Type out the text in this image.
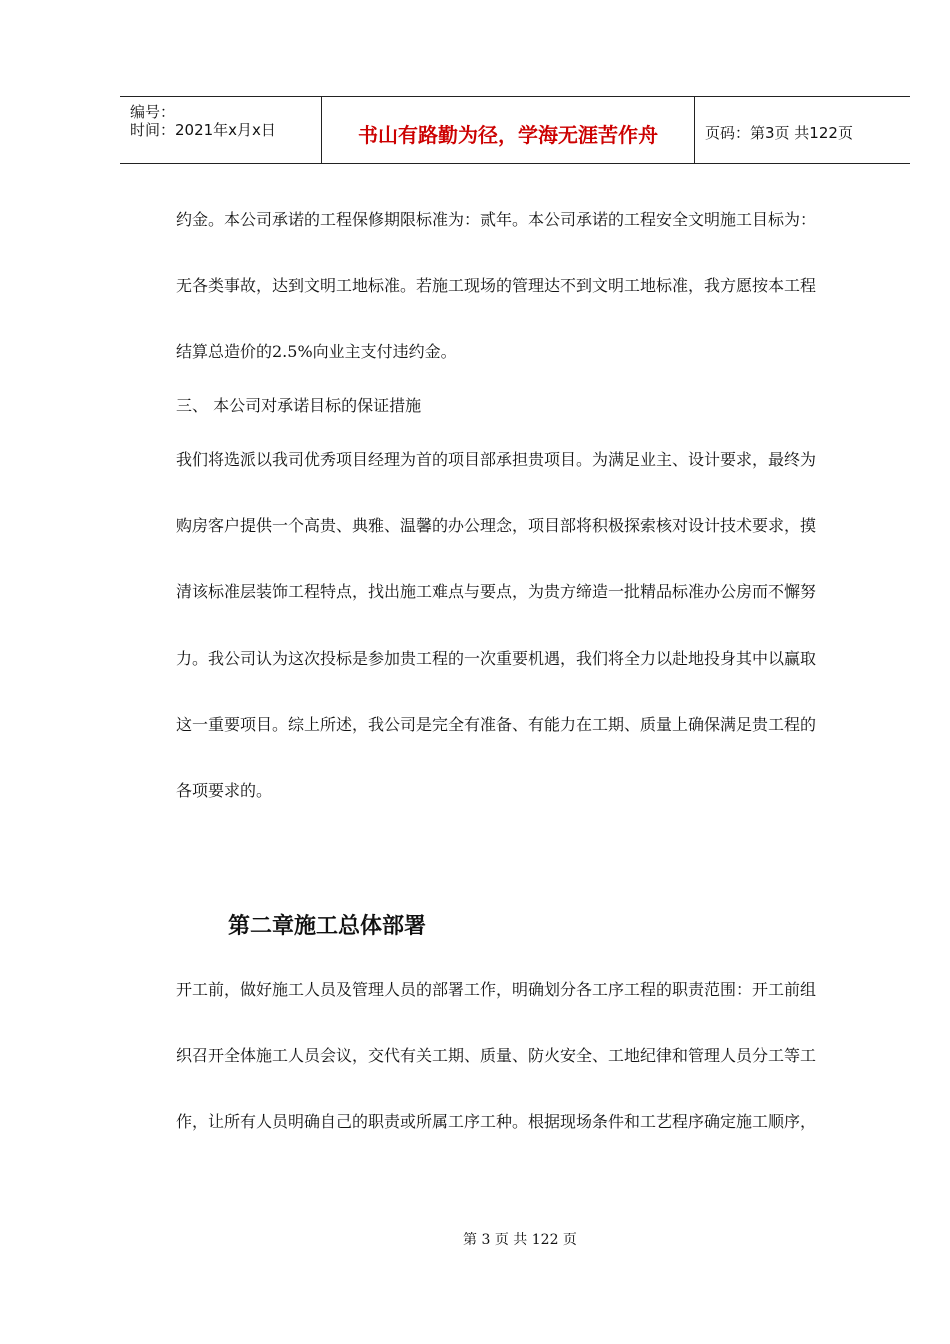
编号：
时间：2021年x月x日	书山有路勤为径，学海无涯苦作舟	页码：第3页 共122页
约金。本公司承诺的工程保修期限标准为：贰年。本公司承诺的工程安全文明施工目标为：
无各类事故，达到文明工地标准。若施工现场的管理达不到文明工地标准，我方愿按本工程
结算总造价的2.5%向业主支付违约金。
三、 本公司对承诺目标的保证措施
我们将选派以我司优秀项目经理为首的项目部承担贵项目。为满足业主、设计要求，最终为
购房客户提供一个高贵、典雅、温馨的办公理念，项目部将积极探索核对设计技术要求，摸
清该标准层装饰工程特点，找出施工难点与要点，为贵方缔造一批精品标准办公房而不懈努
力。我公司认为这次投标是参加贵工程的一次重要机遇，我们将全力以赴地投身其中以赢取
这一重要项目。综上所述，我公司是完全有准备、有能力在工期、质量上确保满足贵工程的
各项要求的。
第二章施工总体部署
开工前，做好施工人员及管理人员的部署工作，明确划分各工序工程的职责范围：开工前组
织召开全体施工人员会议，交代有关工期、质量、防火安全、工地纪律和管理人员分工等工
作，让所有人员明确自己的职责或所属工序工种。根据现场条件和工艺程序确定施工顺序，
第 3 页 共 122 页
